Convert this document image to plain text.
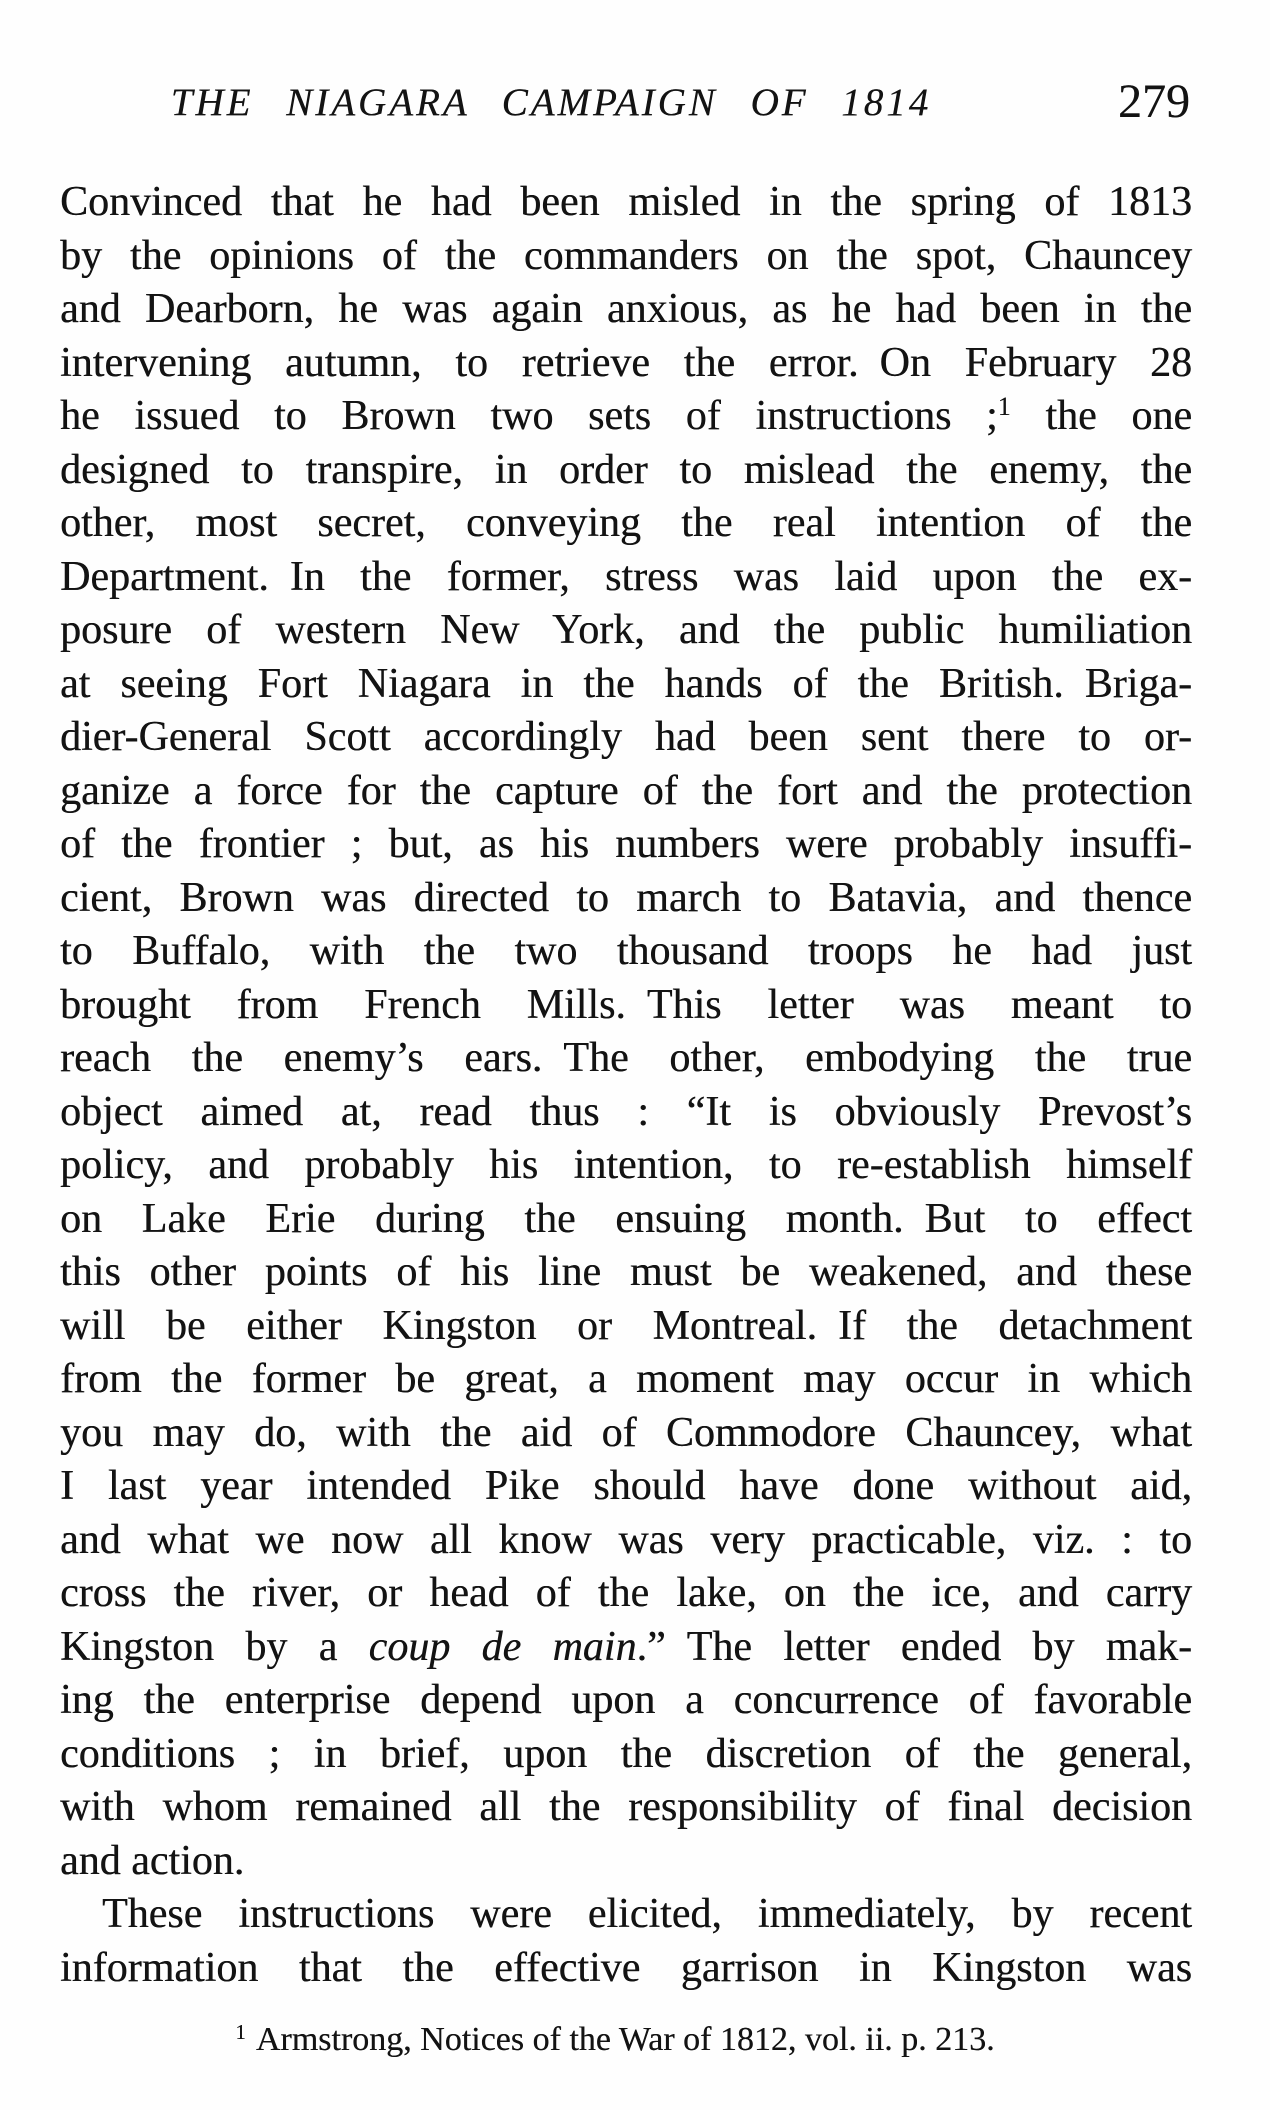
THE NIAGARA CAMPAIGN OF 1814	279
Convinced that he had been misled in the spring of 1813
by the opinions of the commanders on the spot, Chauncey
and Dearborn, he was again anxious, as he had been in the
intervening autumn, to retrieve the error. On February 28
he issued to Brown two sets of instructions ;$^1$ the one
designed to transpire, in order to mislead the enemy, the
other, most secret, conveying the real intention of the
Department. In the former, stress was laid upon the ex-
posure of western New York, and the public humiliation
at seeing Fort Niagara in the hands of the British. Briga-
dier-General Scott accordingly had been sent there to or-
ganize a force for the capture of the fort and the protection
of the frontier ; but, as his numbers were probably insuffi-
cient, Brown was directed to march to Batavia, and thence
to Buffalo, with the two thousand troops he had just
brought from French Mills. This letter was meant to
reach the enemy’s ears. The other, embodying the true
object aimed at, read thus : “It is obviously Prevost’s
policy, and probably his intention, to re-establish himself
on Lake Erie during the ensuing month. But to effect
this other points of his line must be weakened, and these
will be either Kingston or Montreal. If the detachment
from the former be great, a moment may occur in which
you may do, with the aid of Commodore Chauncey, what
I last year intended Pike should have done without aid,
and what we now all know was very practicable, viz. : to
cross the river, or head of the lake, on the ice, and carry
Kingston by a coup de main.” The letter ended by mak-
ing the enterprise depend upon a concurrence of favorable
conditions ; in brief, upon the discretion of the general,
with whom remained all the responsibility of final decision
and action.
These instructions were elicited, immediately, by recent
information that the effective garrison in Kingston was
$^1$ Armstrong, Notices of the War of 1812, vol. ii. p. 213.
